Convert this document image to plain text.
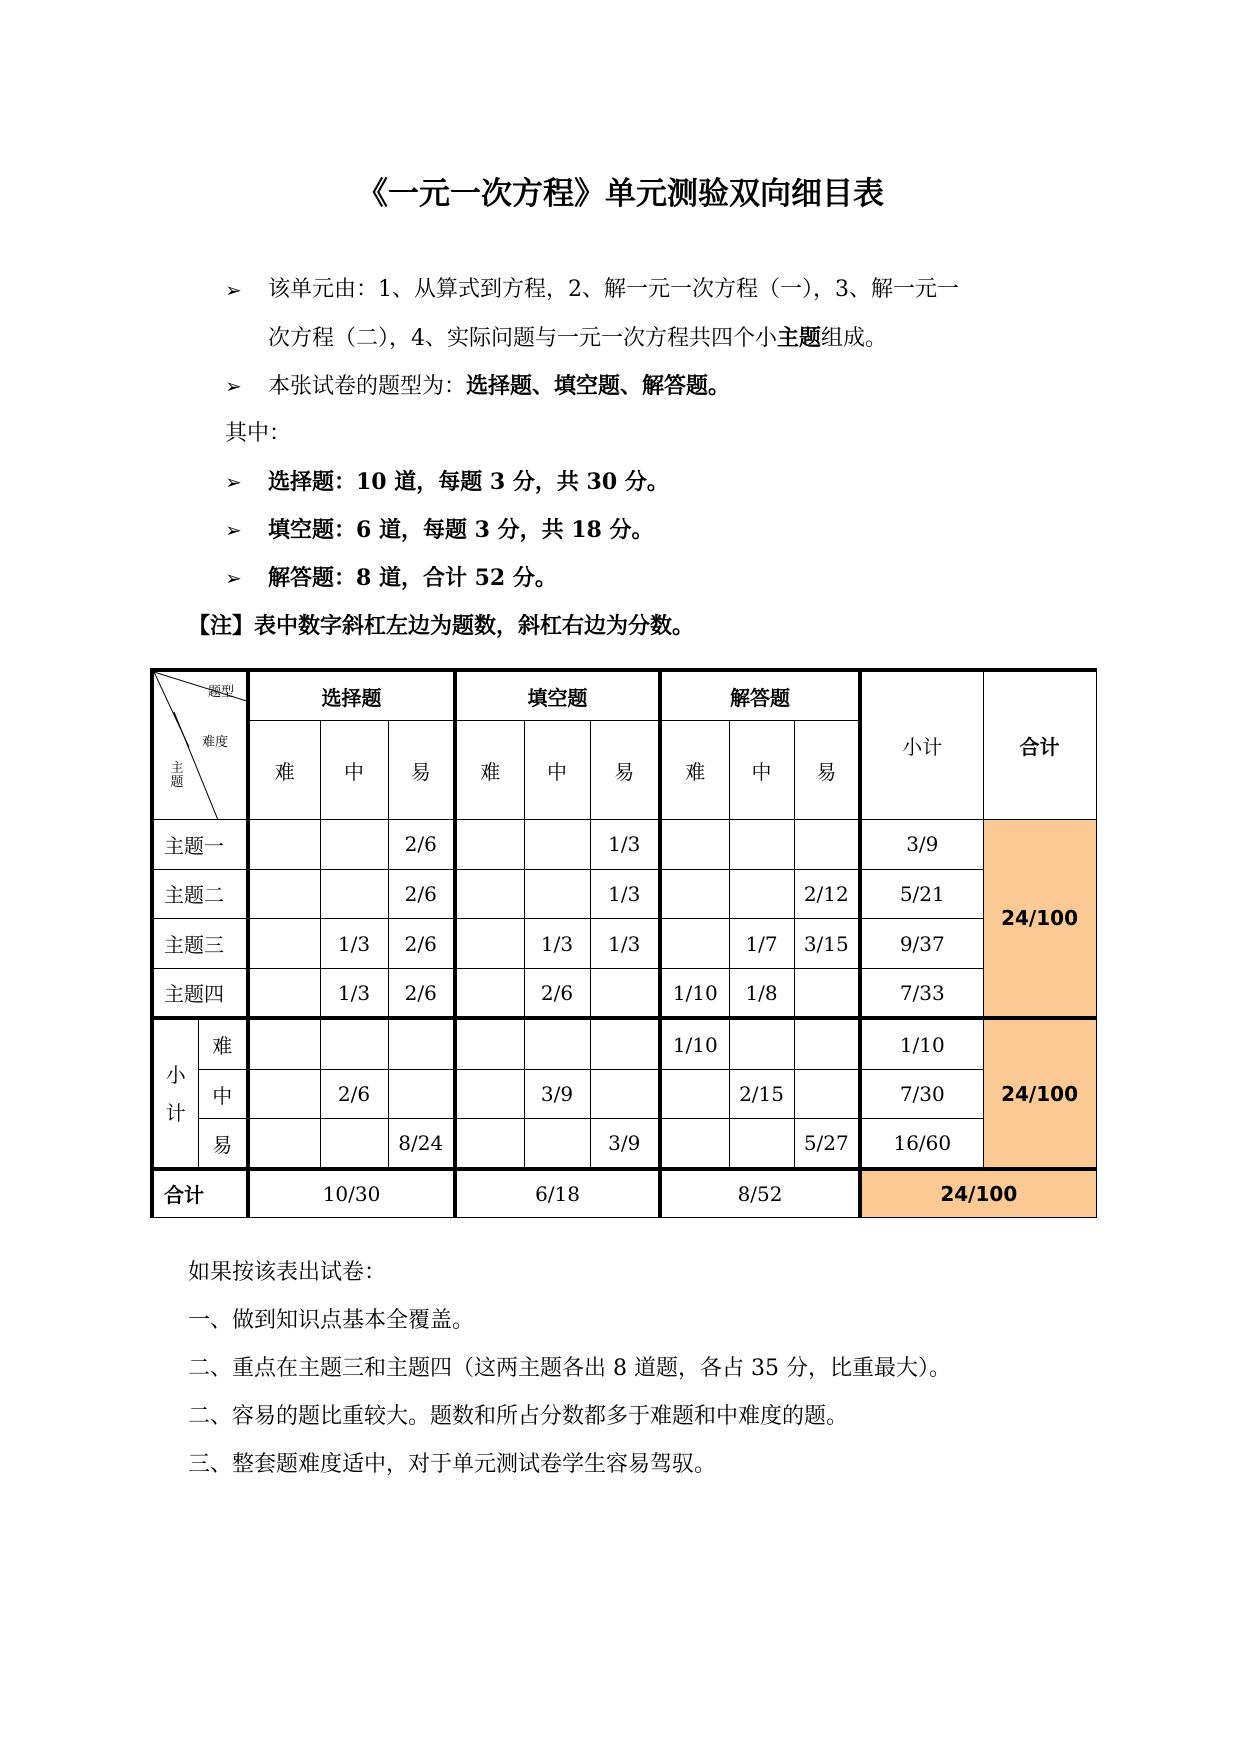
《一元一次方程》单元测验双向细目表
➢ 该单元由：1、从算式到方程，2、解一元一次方程（一），3、解一元一
次方程（二），4、实际问题与一元一次方程共四个小主题组成。
➢ 本张试卷的题型为：选择题、填空题、解答题。
其中：
➢ 选择题：10 道，每题 3 分，共 30 分。
➢ 填空题：6 道，每题 3 分，共 18 分。
➢ 解答题：8 道，合计 52 分。
【注】表中数字斜杠左边为题数，斜杠右边为分数。
题型
难度
主题		选择题			填空题			解答题			小计	合计
		难	中	易	难	中	易	难	中	易		
主题一				2/6			1/3				3/9	24/100
主题二				2/6			1/3			2/12	5/21	
主题三			1/3	2/6		1/3	1/3		1/7	3/15	9/37	
主题四			1/3	2/6		2/6		1/10	1/8		7/33	
小
计	难							1/10			1/10	24/100
	中		2/6			3/9			2/15		7/30	
	易			8/24			3/9			5/27	16/60	
合计		10/30			6/18			8/52			24/100	
如果按该表出试卷：
一、做到知识点基本全覆盖。
二、重点在主题三和主题四（这两主题各出 8 道题，各占 35 分，比重最大）。
二、容易的题比重较大。题数和所占分数都多于难题和中难度的题。
三、整套题难度适中，对于单元测试卷学生容易驾驭。
